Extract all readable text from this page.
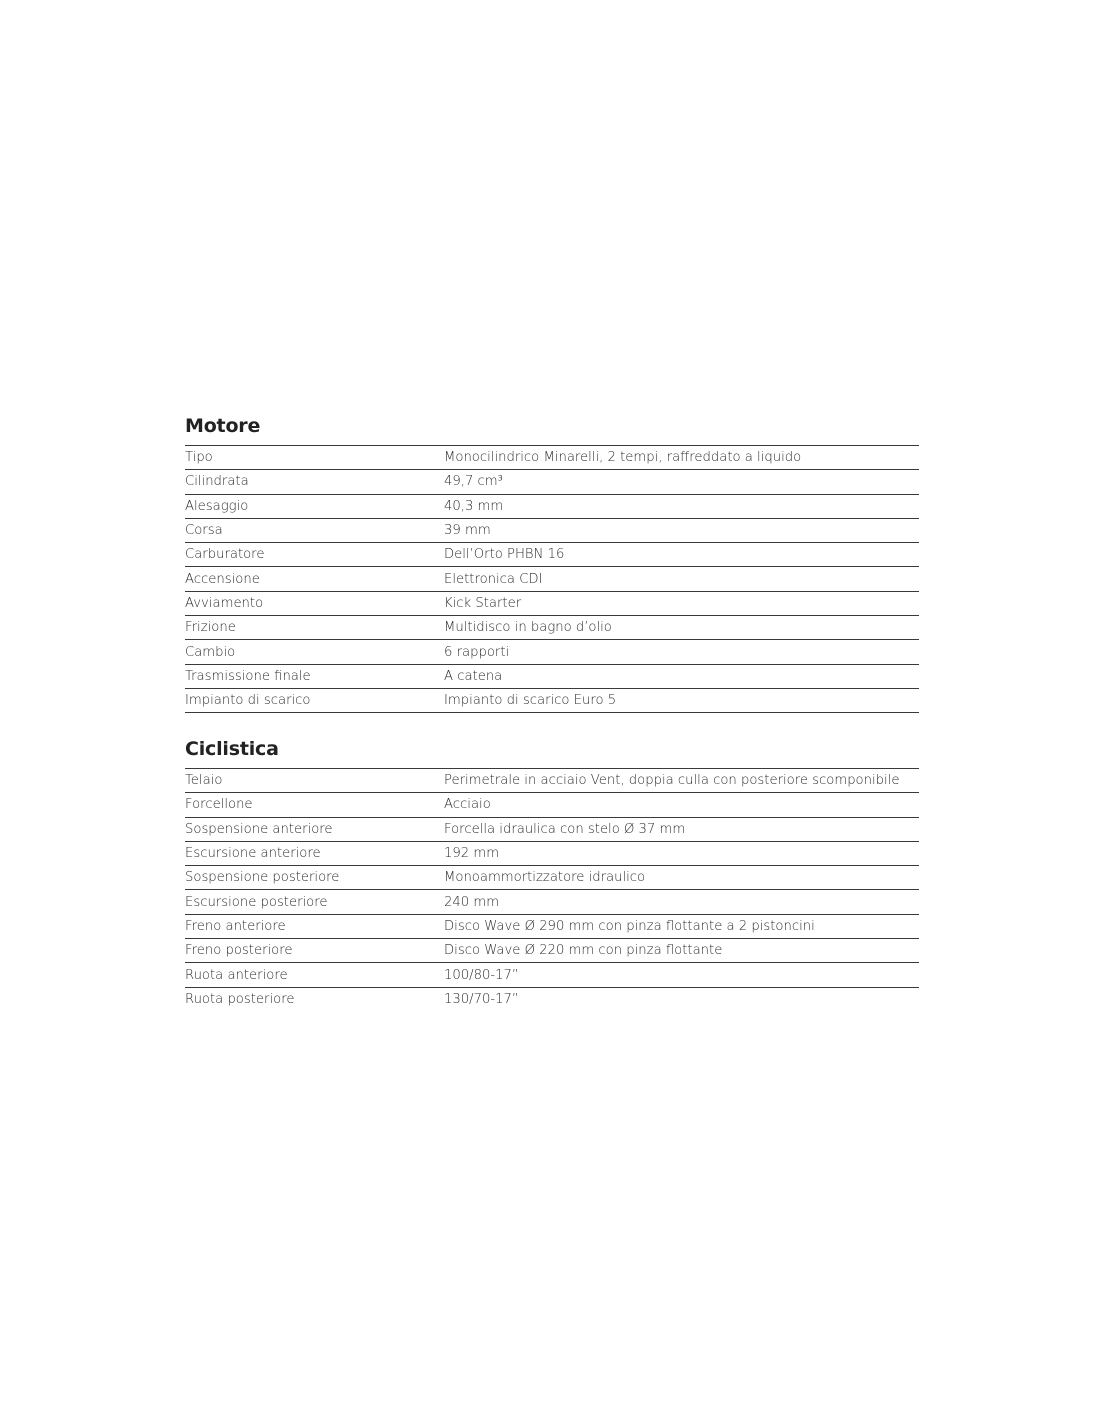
Motore
Tipo	Monocilindrico Minarelli, 2 tempi, raffreddato a liquido
Cilindrata	49,7 cm³
Alesaggio	40,3 mm
Corsa	39 mm
Carburatore	Dell’Orto PHBN 16
Accensione	Elettronica CDI
Avviamento	Kick Starter
Frizione	Multidisco in bagno d’olio
Cambio	6 rapporti
Trasmissione finale	A catena
Impianto di scarico	Impianto di scarico Euro 5
Ciclistica
Telaio	Perimetrale in acciaio Vent, doppia culla con posteriore scomponibile
Forcellone	Acciaio
Sospensione anteriore	Forcella idraulica con stelo Ø 37 mm
Escursione anteriore	192 mm
Sospensione posteriore	Monoammortizzatore idraulico
Escursione posteriore	240 mm
Freno anteriore	Disco Wave Ø 290 mm con pinza flottante a 2 pistoncini
Freno posteriore	Disco Wave Ø 220 mm con pinza flottante
Ruota anteriore	100/80-17”
Ruota posteriore	130/70-17”
